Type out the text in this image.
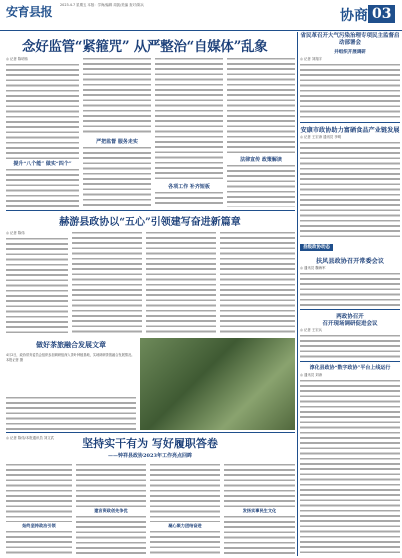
安育县报 2023.4.7 星期五 本版：学海/编辑 周凯/美编 查对/陈兵
协商 03
念好监管“紧箍咒” 从严整治“自媒体”乱象
◎ 记者 陈明伟
提升“八个能” 做实“四个”
严把监督 服务走实
各项工作 补齐短板
法律宣传 政策解读
赫游县政协以“五心”引领建写奋进新篇章
◎ 记者 陈伟
做好茶旅融合发展文章
4月2日，政协常务委员会组织参加调研组深入茶叶种植基地，实地调研茶旅融合发展情况。本报记者 摄
坚持实干有为 写好履职答卷
——钟祥县政协2023年工作亮点回眸
◎ 记者 陈伟/本报通讯员 刘文武
始终坚持政治引领
建言资政创先争优
凝心聚力团结奋进
发扬实事民生文化
省民革召开大气污染治理专项民主监督启动部署会
并组织开展调研
◎ 记者 刘翔宇
安康市政协助力富硒食品产业链发展
◎ 记者 王宏涛 通讯员 李明
县级政协动态
扶风县政协召开常委会议
◎ 通讯员 魏海军
两政协召开
召开现场调研促进会议
◎ 记者 王宏兵
淳化县政协“数字政协”平台上线运行
◎ 通讯员 刘涛
